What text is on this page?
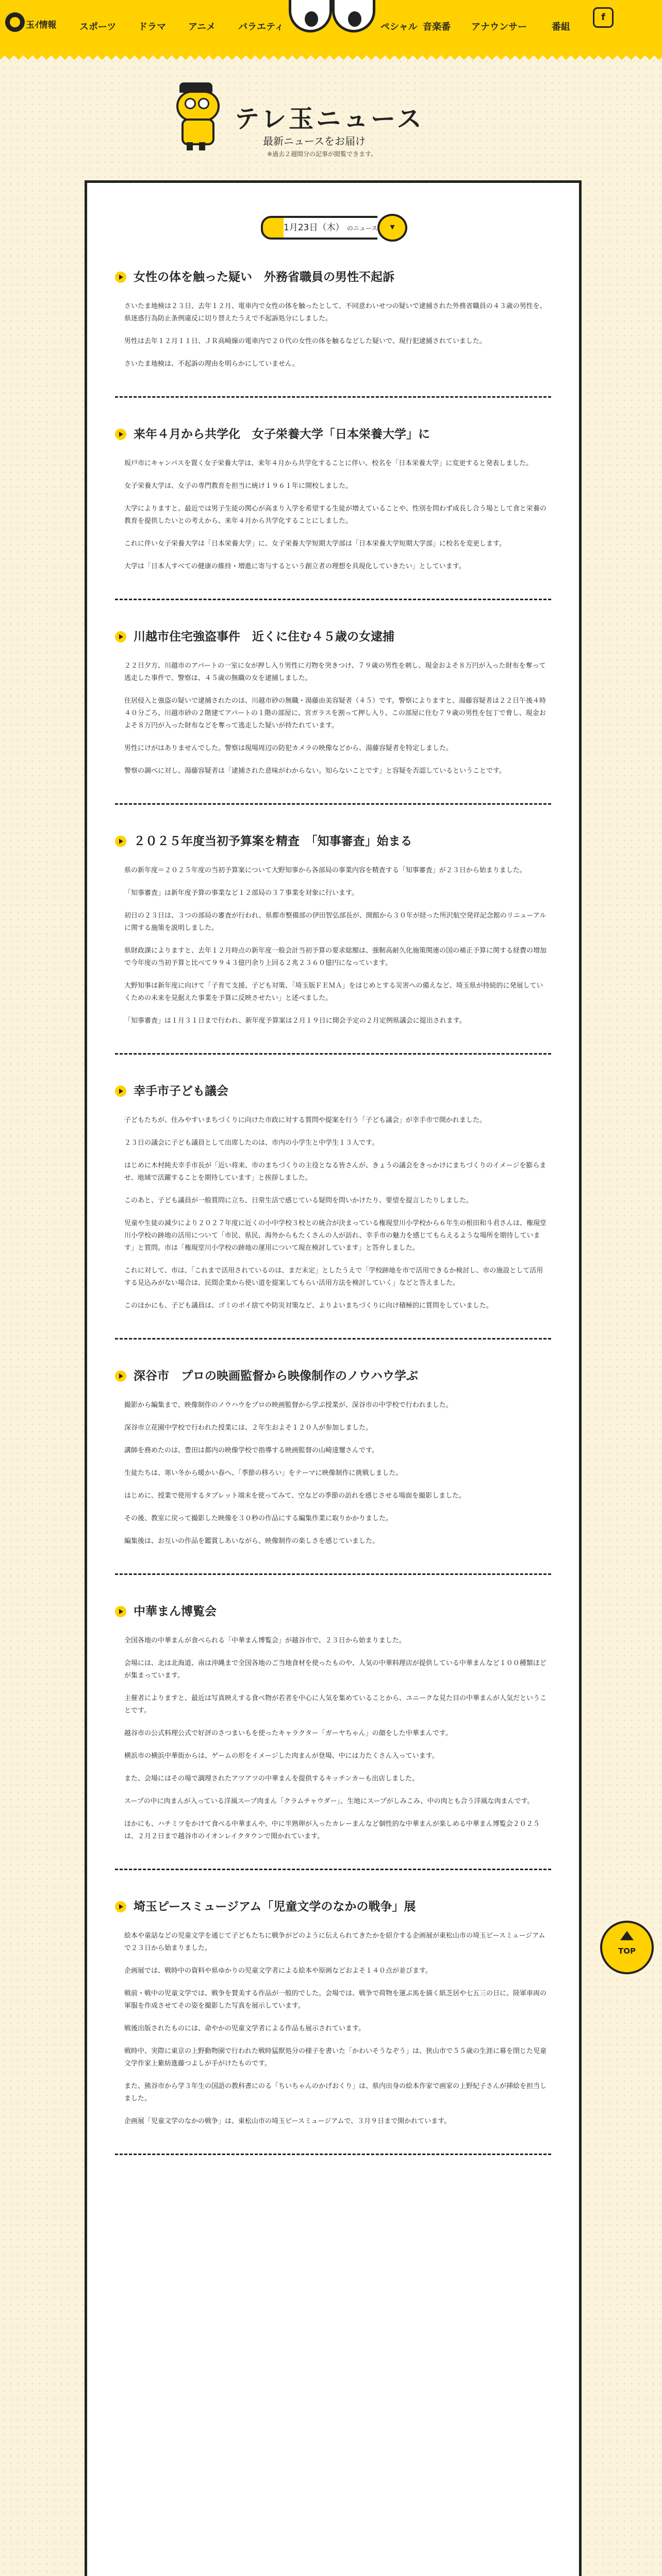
玉ｲ情報 スポーツ ドラマ アニメ バラエティ	ペシャル 音楽番 アナウンサー	番組
f
テレ玉ニュース
最新ニュースをお届け
※過去２週間分の記事が閲覧できます。
1月23日（木） のニュース	▾
女性の体を触った疑い　外務省職員の男性不起訴

さいたま地検は２３日、去年１２月、電車内で女性の体を触ったとして、不同意わいせつの疑いで逮捕された外務省職員の４３歳の男性を、県迷惑行為防止条例違反に切り替えたうえで不起訴処分にしました。

男性は去年１２月１１日、ＪＲ高崎線の電車内で２０代の女性の体を触るなどした疑いで、現行犯逮捕されていました。

さいたま地検は、不起訴の理由を明らかにしていません。

来年４月から共学化　女子栄養大学「日本栄養大学」に

坂戸市にキャンパスを置く女子栄養大学は、来年４月から共学化することに伴い、校名を「日本栄養大学」に変更すると発表しました。

女子栄養大学は、女子の専門教育を担当に統け１９６１年に開校しました。

大学によりますと、最近では男子生徒の関心が高まり入学を希望する生徒が増えていることや、性別を問わず成長し合う場として食と栄養の教育を提供したいとの考えから、来年４月から共学化することにしました。

これに伴い女子栄養大学は「日本栄養大学」に、女子栄養大学短期大学部は「日本栄養大学短期大学部」に校名を変更します。

大学は「日本人すべての健康の維持・増進に寄与するという創立者の理想を具現化していきたい」としています。

川越市住宅強盗事件　近くに住む４５歳の女逮捕

２２日夕方、川越市のアパートの一室に女が押し入り男性に刃物を突きつけ、７９歳の男性を刺し、現金およそ８万円が入った財布を奪って逃走した事件で、警察は、４５歳の無職の女を逮捕しました。

住居侵入と強盗の疑いで逮捕されたのは、川越市砂の無職・湯藤由美容疑者（４５）です。警察によりますと、湯藤容疑者は２２日午後４時４０分ごろ、川越市砂の２階建てアパートの１階の部屋に、宮ガラスを割って押し入り、この部屋に住む７９歳の男性を包丁で脅し、現金およそ８万円が入った財布などを奪って逃走した疑いが持たれています。

男性にけがはありませんでした。警察は現場周辺の防犯カメラの映像などから、湯藤容疑者を特定しました。

警察の調べに対し、湯藤容疑者は「逮捕された意味がわからない。知らないことです」と容疑を否認しているということです。

２０２５年度当初予算案を精査　「知事審査」始まる

県の新年度＝２０２５年度の当初予算案について大野知事から各部局の事業内容を精査する「知事審査」が２３日から始まりました。

「知事審査」は新年度予算の事業など１２部局の３７事業を対象に行います。

初日の２３日は、３つの部局の審査が行われ、県都市整備部の伊田智弘部長が、開館から３０年が経った所沢航空発祥記念館のリニューアルに関する施策を説明しました。

県財政課によりますと、去年１２月時点の新年度一般会計当初予算の要求総額は、強靭高耐久化施策関連の国の補正予算に関する経費の増加で今年度の当初予算と比べて９９４３億円余り上回る２兆２３６０億円になっています。

大野知事は新年度に向けて「子育て支援、子ども対策、「埼玉版ＦＥＭＡ」をはじめとする災害への備えなど、埼玉県が持続的に発展していくための未来を見据えた事業を予算に反映させたい」と述べました。

「知事審査」は１月３１日まで行われ、新年度予算案は２月１９日に開会予定の２月定例県議会に提出されます。

幸手市子ども議会

子どもたちが、住みやすいまちづくりに向けた市政に対する質問や提案を行う「子ども議会」が幸手市で開かれました。

２３日の議会に子ども議員として出席したのは、市内の小学生と中学生１３人です。

はじめに木村純夫幸手市長が「近い将来、市のまちづくりの主役となる皆さんが、きょうの議会をきっかけにまちづくりのイメージを膨らませ、地域で活躍することを期待しています」と挨拶しました。

このあと、子ども議員が一般質問に立ち、日常生活で感じている疑問を問いかけたり、要望を提言したりしました。

児童や生徒の減少により２０２７年度に近くの小中学校３校との統合が決まっている権現堂川小学校から６年生の根田和斗君さんは、権現堂川小学校の跡地の活用について「市民、県民、海外からもたくさんの人が訪れ、幸手市の魅力を感じてもらえるような場所を期待しています」と質問。市は「権現堂川小学校の跡地の運用について現在検討しています」と答弁しました。

これに対して、市は、「これまで活用されているのは、まだ未定」としたうえで「学校跡地を市で活用できるか検討し、市の施設として活用する見込みがない場合は、民間企業から使い道を提案してもらい活用方法を検討していく」などと答えました。

このほかにも、子ども議員は、ゴミのポイ捨てや防災対策など、よりよいまちづくりに向け積極的に質問をしていました。

深谷市　プロの映画監督から映像制作のノウハウ学ぶ

撮影から編集まで、映像制作のノウハウをプロの映画監督から学ぶ授業が、深谷市の中学校で行われました。

深谷市立花園中学校で行われた授業には、２年生およそ１２０人が参加しました。

講師を務めたのは、豊田は都内の映像学校で指導する映画監督の山崎達璽さんです。

生徒たちは、寒い冬から暖かい春へ、「季節の移ろい」をテーマに映像制作に挑戦しました。

はじめに、授業で使用するタブレット端末を使ってみて、空などの季節の訪れを感じさせる場面を撮影しました。

その後、教室に戻って撮影した映像を３０秒の作品にする編集作業に取りかかりました。

編集後は、お互いの作品を鑑賞しあいながら、映像制作の楽しさを感じていました。

中華まん博覧会

全国各地の中華まんが食べられる「中華まん博覧会」が越谷市で、２３日から始まりました。

会場には、北は北海道、南は沖縄まで全国各地のご当地食材を使ったものや、人気の中華料理店が提供している中華まんなど１００種類ほどが集まっています。

主催者によりますと、最近は写真映えする食べ物が若者を中心に人気を集めていることから、ユニークな見た目の中華まんが人気だということです。

越谷市の公式料理公式で好評のさつまいもを使ったキャラクター「ガーヤちゃん」の顔をした中華まんです。

横浜市の横浜中華街からは、ゲームの形をイメージした肉まんが登場、中には力たくさん入っています。

また、会場にはその場で調理されたアツアツの中華まんを提供するキッチンカーも出店しました。

スープの中に肉まんが入っている洋風スープ肉まん「クラムチャウダー」、生地にスープがしみこみ、中の肉とも合う洋風な肉まんです。

ほかにも、ハチミツをかけて食べる中華まんや、中に半熟卵が入ったカレーまんなど個性的な中華まんが楽しめる中華まん博覧会２０２５は、２月２日まで越谷市のイオンレイクタウンで開かれています。

埼玉ピースミュージアム「児童文学のなかの戦争」展

絵本や童話などの児童文学を通じて子どもたちに戦争がどのように伝えられてきたかを紹介する企画展が東松山市の埼玉ピースミュージアムで２３日から始まりました。

企画展では、戦時中の資料や県ゆかりの児童文学者による絵本や原画などおよそ１４０点が並びます。

戦前・戦中の児童文学では、戦争を賛美する作品が一般的でした。会場では、戦争で荷物を運ぶ馬を描く紙芝居や七五三の日に、陸軍車両の軍服を作成させてその姿を撮影した写真を展示しています。

戦後出版されたものには、命やかの児童文学者による作品も展示されています。

戦時中、実際に東京の上野動物園で行われた戦時猛獣処分の様子を書いた「かわいそうなぞう」は、狭山市で５５歳の生涯に幕を閉じた児童文学作家上紫紡進藤つよしが手がけたものです。

また、熊谷市から学３年生の国語の教科書にのる「ちいちゃんのかげおくり」は、県内出身の絵本作家で画家の上野紀子さんが挿絵を担当しました。

企画展「児童文学のなかの戦争」は、東松山市の埼玉ピースミュージアムで、３月９日まで開かれています。

TOP
